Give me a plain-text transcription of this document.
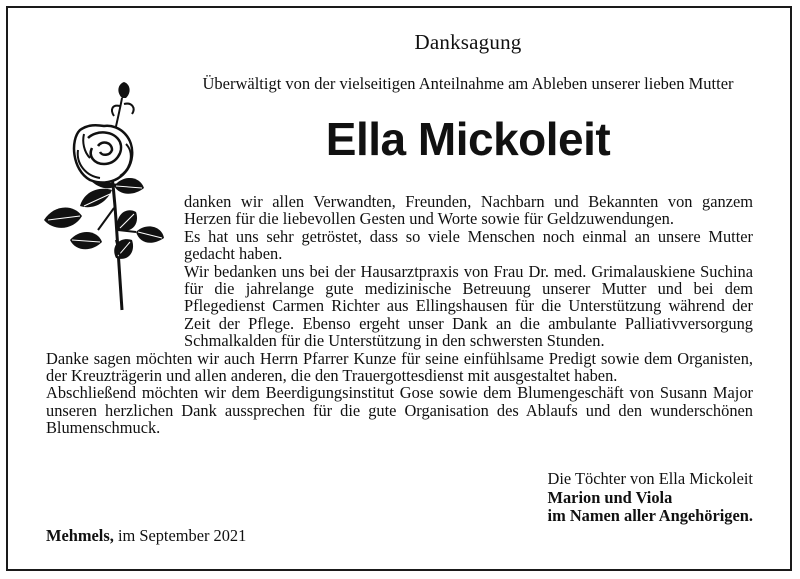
Danksagung
Überwältigt von der vielseitigen Anteilnahme am Ableben unserer lieben Mutter
Ella Mickoleit

danken wir allen Verwandten, Freunden, Nachbarn und Bekannten von ganzem Herzen für die liebevollen Gesten und Worte sowie für Geldzuwendungen.

Es hat uns sehr getröstet, dass so viele Menschen noch einmal an unsere Mutter gedacht haben.

Wir bedanken uns bei der Hausarztpraxis von Frau Dr. med. Grimalauskiene Suchina für die jahrelange gute medizinische Betreuung unserer Mutter und bei dem Pflegedienst Carmen Richter aus Ellingshausen für die Unterstützung während der Zeit der Pflege. Ebenso ergeht unser Dank an die ambulante Palliativversorgung Schmalkalden für die Unterstützung in den schwersten Stunden.

Danke sagen möchten wir auch Herrn Pfarrer Kunze für seine einfühlsame Predigt sowie dem Organisten, der Kreuzträgerin und allen anderen, die den Trauergottesdienst mit ausgestaltet haben.

Abschließend möchten wir dem Beerdigungsinstitut Gose sowie dem Blumengeschäft von Susann Major unseren herzlichen Dank aussprechen für die gute Organisation des Ablaufs und den wunderschönen Blumenschmuck.

Die Töchter von Ella Mickoleit
Marion und Viola
im Namen aller Angehörigen.
Mehmels, im September 2021
